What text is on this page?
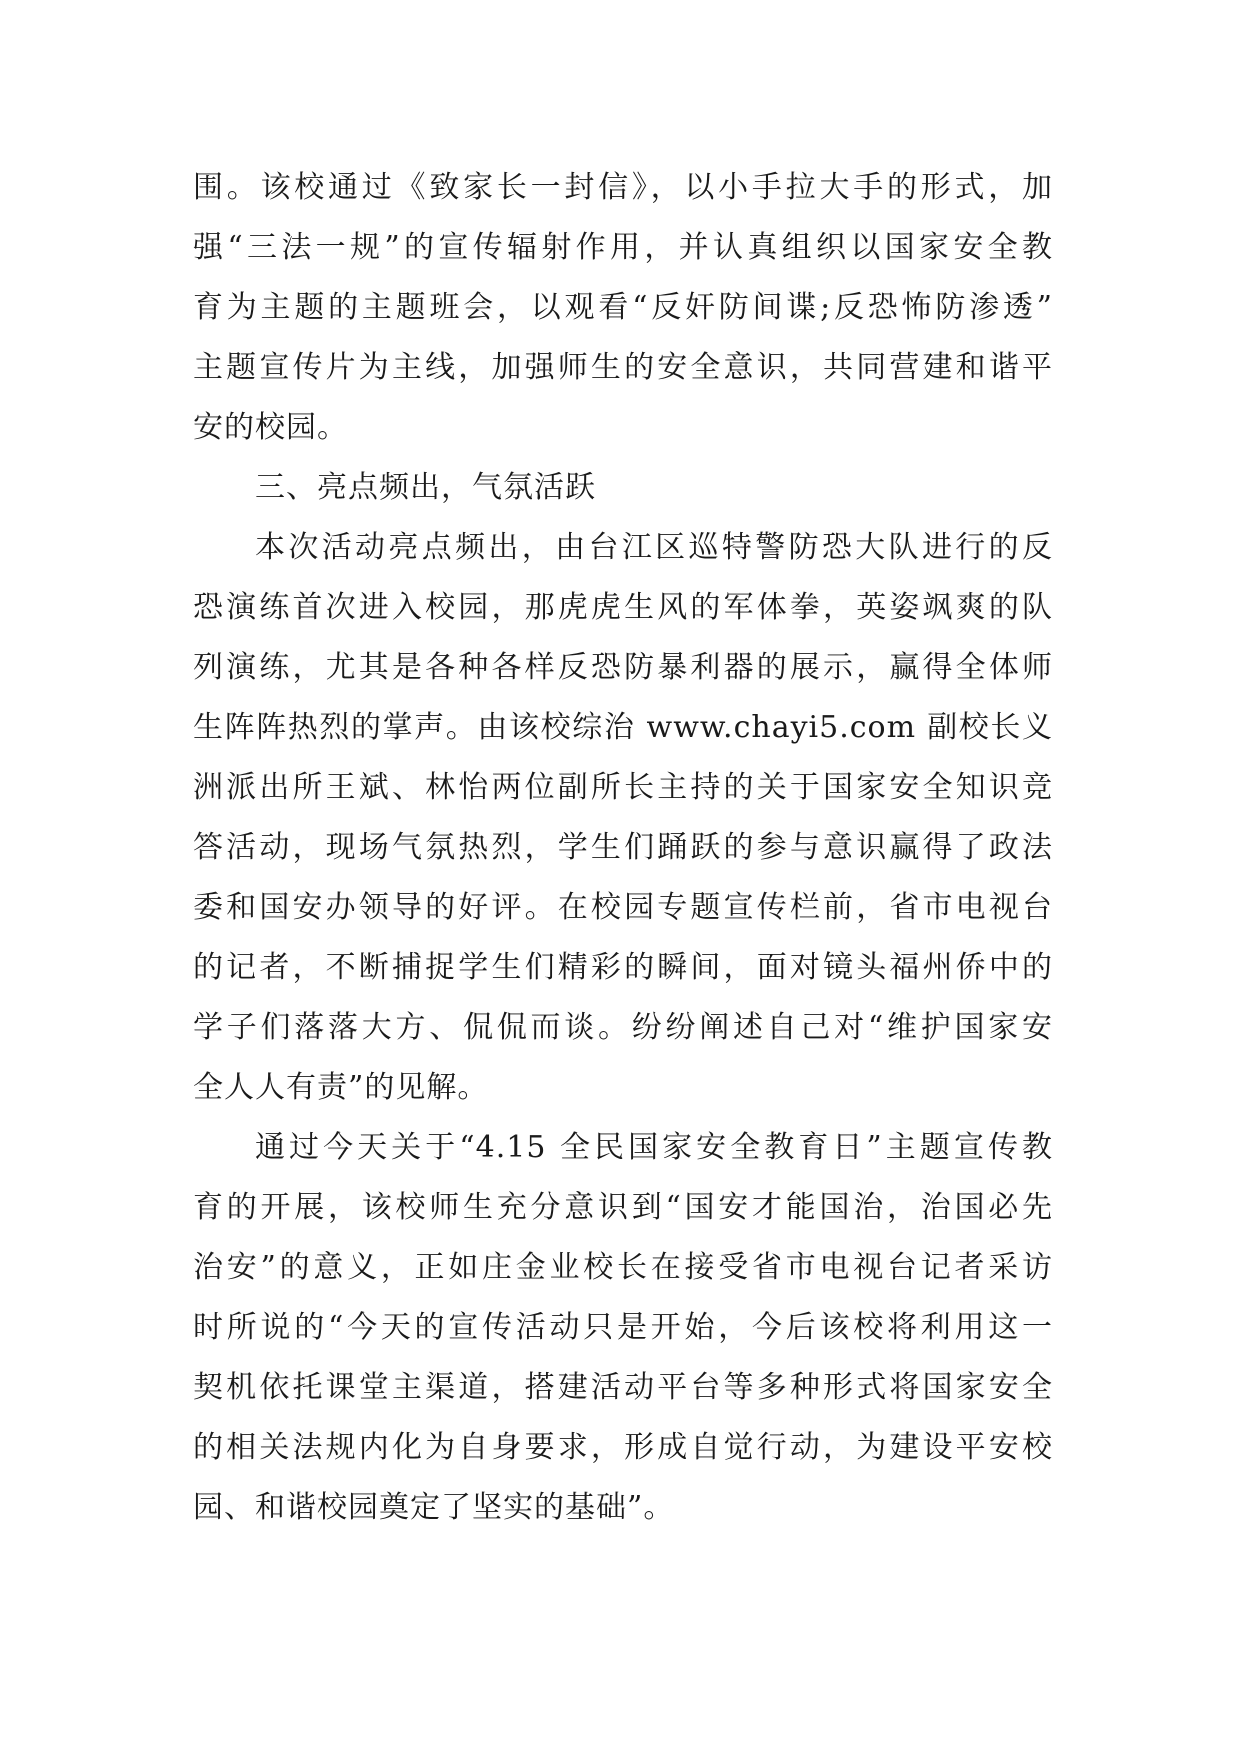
围。该校通过《致家长一封信》，以小手拉大手的形式，加
强“三法一规”的宣传辐射作用，并认真组织以国家安全教
育为主题的主题班会，以观看“反奸防间谍;反恐怖防渗透”
主题宣传片为主线，加强师生的安全意识，共同营建和谐平
安的校园。
三、亮点频出，气氛活跃
本次活动亮点频出，由台江区巡特警防恐大队进行的反
恐演练首次进入校园，那虎虎生风的军体拳，英姿飒爽的队
列演练，尤其是各种各样反恐防暴利器的展示，赢得全体师
生阵阵热烈的掌声。由该校综治 www.chayi5.com 副校长义
洲派出所王斌、林怡两位副所长主持的关于国家安全知识竞
答活动，现场气氛热烈，学生们踊跃的参与意识赢得了政法
委和国安办领导的好评。在校园专题宣传栏前，省市电视台
的记者，不断捕捉学生们精彩的瞬间，面对镜头福州侨中的
学子们落落大方、侃侃而谈。纷纷阐述自己对“维护国家安
全人人有责”的见解。
通过今天关于“4.15 全民国家安全教育日”主题宣传教
育的开展，该校师生充分意识到“国安才能国治，治国必先
治安”的意义，正如庄金业校长在接受省市电视台记者采访
时所说的“今天的宣传活动只是开始，今后该校将利用这一
契机依托课堂主渠道，搭建活动平台等多种形式将国家安全
的相关法规内化为自身要求，形成自觉行动，为建设平安校
园、和谐校园奠定了坚实的基础”。
